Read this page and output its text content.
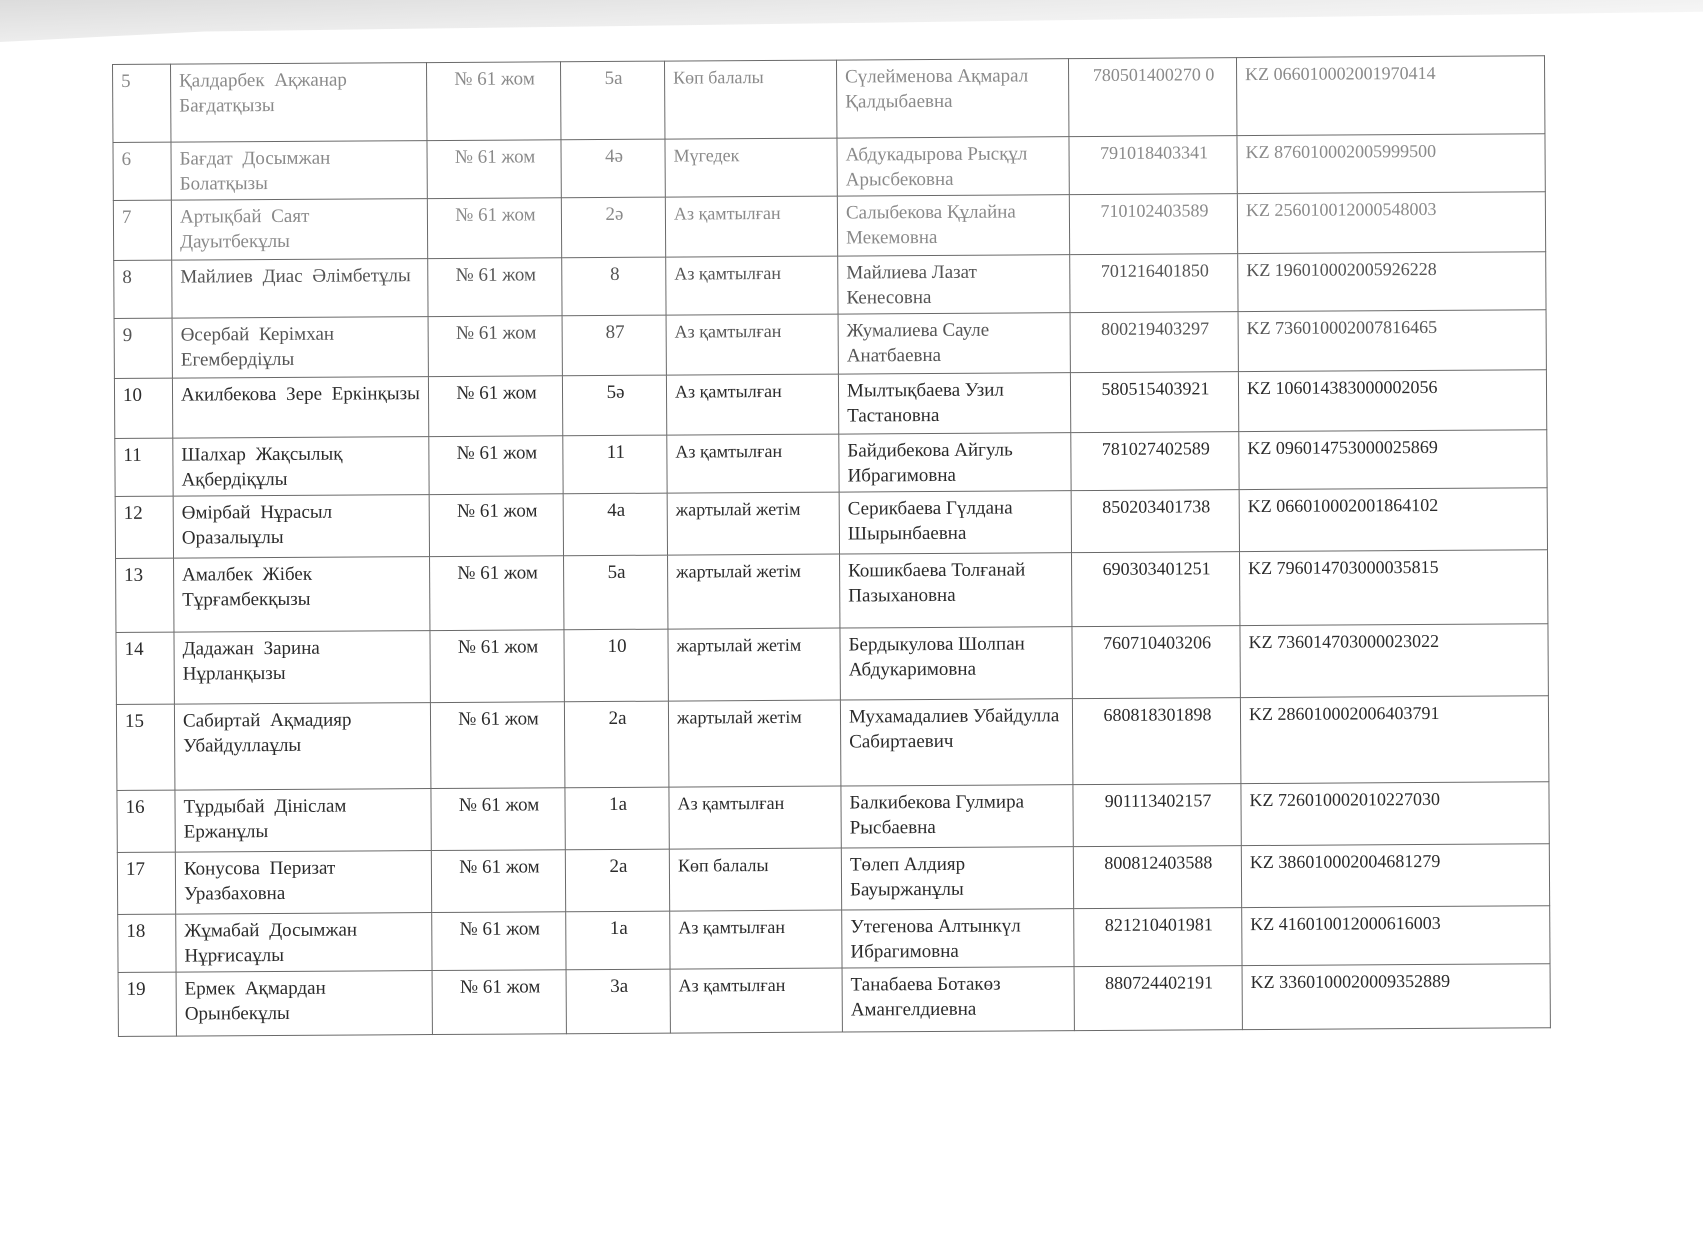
5	Қалдарбек Ақжанар Бағдатқызы	№ 61 жом	5а	Көп балалы	Сүлейменова Ақмарал Қалдыбаевна	780501400270 0	KZ 066010002001970414
6	Бағдат Досымжан Болатқызы	№ 61 жом	4ә	Мүгедек	Абдукадырова Рысқұл Арысбековна	791018403341	KZ 876010002005999500
7	Артықбай Саят Дауытбекұлы	№ 61 жом	2ә	Аз қамтылған	Салыбекова Құлайна Мекемовна	710102403589	KZ 256010012000548003
8	Майлиев Диас Әлімбетұлы	№ 61 жом	8	Аз қамтылған	Майлиева Лазат Кенесовна	701216401850	KZ 196010002005926228
9	Өсербай Керімхан Егембердіұлы	№ 61 жом	87	Аз қамтылған	Жумалиева Сауле Анатбаевна	800219403297	KZ 736010002007816465
10	Акилбекова Зере Еркінқызы	№ 61 жом	5ә	Аз қамтылған	Мылтықбаева Узил Тастановна	580515403921	KZ 106014383000002056
11	Шалхар Жақсылық Ақбердіқұлы	№ 61 жом	11	Аз қамтылған	Байдибекова Айгуль Ибрагимовна	781027402589	KZ 096014753000025869
12	Өмірбай Нұрасыл Оразалыұлы	№ 61 жом	4а	жартылай жетім	Серикбаева Гүлдана Шырынбаевна	850203401738	KZ 066010002001864102
13	Амалбек Жібек Тұрғамбекқызы	№ 61 жом	5а	жартылай жетім	Кошикбаева Толғанай Пазыхановна	690303401251	KZ 796014703000035815
14	Дадажан Зарина Нұрланқызы	№ 61 жом	10	жартылай жетім	Бердыкулова Шолпан Абдукаримовна	760710403206	KZ 736014703000023022
15	Сабиртай Ақмадияр Убайдуллаұлы	№ 61 жом	2а	жартылай жетім	Мухамадалиев Убайдулла Сабиртаевич	680818301898	KZ 286010002006403791
16	Тұрдыбай Дініслам Ержанұлы	№ 61 жом	1а	Аз қамтылған	Балкибекова Гулмира Рысбаевна	901113402157	KZ 726010002010227030
17	Конусова Перизат Уразбаховна	№ 61 жом	2а	Көп балалы	Төлеп Алдияр Бауыржанұлы	800812403588	KZ 386010002004681279
18	Жұмабай Досымжан Нұрғисаұлы	№ 61 жом	1а	Аз қамтылған	Утегенова Алтынкүл Ибрагимовна	821210401981	KZ 416010012000616003
19	Ермек Ақмардан Орынбекұлы	№ 61 жом	3а	Аз қамтылған	Танабаева Ботакөз Амангелдиевна	880724402191	KZ 3360100020009352889
